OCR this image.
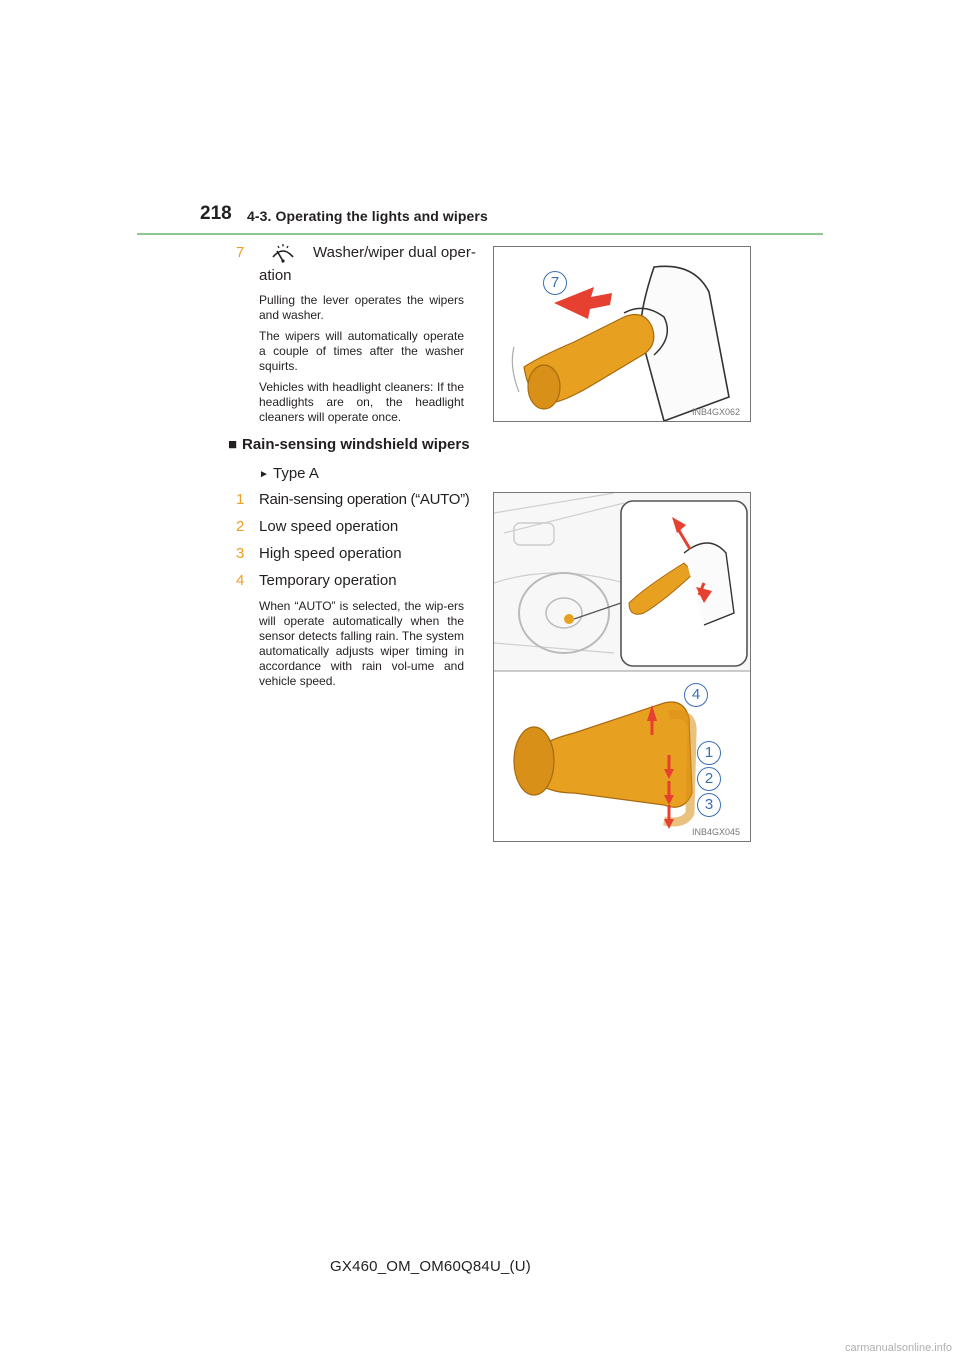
218 4-3. Operating the lights and wipers
7	Washer/wiper dual oper-
ation

Pulling the lever operates the wipers and washer.

The wipers will automatically operate a couple of times after the washer squirts.

Vehicles with headlight cleaners: If the headlights are on, the headlight cleaners will operate once.

7
INB4GX062
■ Rain-sensing windshield wipers
► Type A
1 Rain-sensing operation (“AUTO”)
2 Low speed operation
3 High speed operation
4 Temporary operation

When “AUTO” is selected, the wip-ers will operate automatically when the sensor detects falling rain. The system automatically adjusts wiper timing in accordance with rain vol-ume and vehicle speed.

4
1
2
3
INB4GX045
GX460_OM_OM60Q84U_(U)
carmanualsonline.info
